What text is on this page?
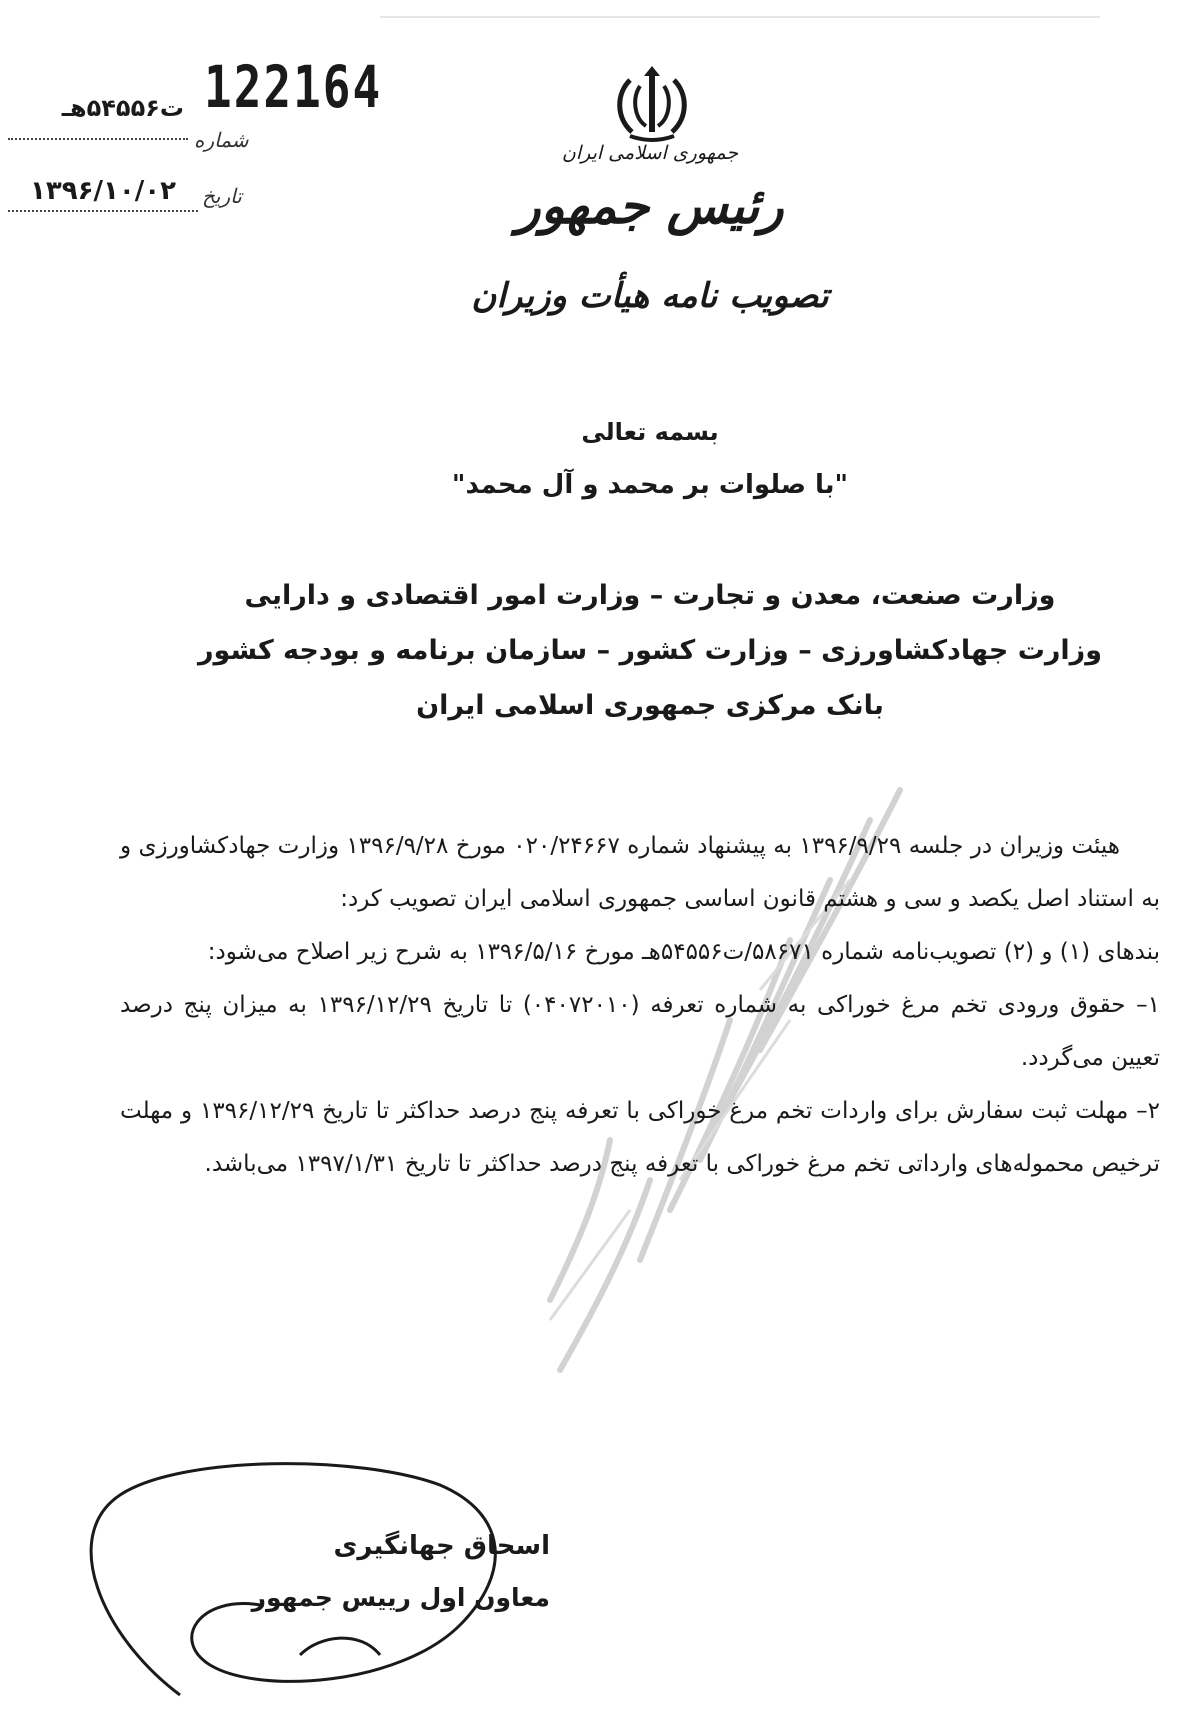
122164
ت۵۴۵۵۶هـ
شماره
۱۳۹۶/۱۰/۰۲	تاریخ
جمهوری اسلامی ایران
رئیس جمهور
تصویب نامه هیأت وزیران
بسمه تعالی
"با صلوات بر محمد و آل محمد"
وزارت صنعت، معدن و تجارت – وزارت امور اقتصادی و دارایی
وزارت جهادکشاورزی – وزارت کشور – سازمان برنامه و بودجه کشور
بانک مرکزی جمهوری اسلامی ایران

هیئت وزیران در جلسه ۱۳۹۶/۹/۲۹ به پیشنهاد شماره ۰۲۰/۲۴۶۶۷ مورخ ۱۳۹۶/۹/۲۸ وزارت جهادکشاورزی و به استناد اصل یکصد و سی و هشتم قانون اساسی جمهوری اسلامی ایران تصویب کرد:

بندهای (۱) و (۲) تصویب‌نامه شماره ۵۸۶۷۱/ت۵۴۵۵۶هـ مورخ ۱۳۹۶/۵/۱۶ به شرح زیر اصلاح می‌شود:

۱– حقوق ورودی تخم مرغ خوراکی به شماره تعرفه (۰۴۰۷۲۰۱۰) تا تاریخ ۱۳۹۶/۱۲/۲۹ به میزان پنج درصد تعیین می‌گردد.

۲– مهلت ثبت سفارش برای واردات تخم مرغ خوراکی با تعرفه پنج درصد حداکثر تا تاریخ ۱۳۹۶/۱۲/۲۹ و مهلت ترخیص محموله‌های وارداتی تخم مرغ خوراکی با تعرفه پنج درصد حداکثر تا تاریخ ۱۳۹۷/۱/۳۱ می‌باشد.

اسحاق جهانگیری
معاون اول رییس جمهور
